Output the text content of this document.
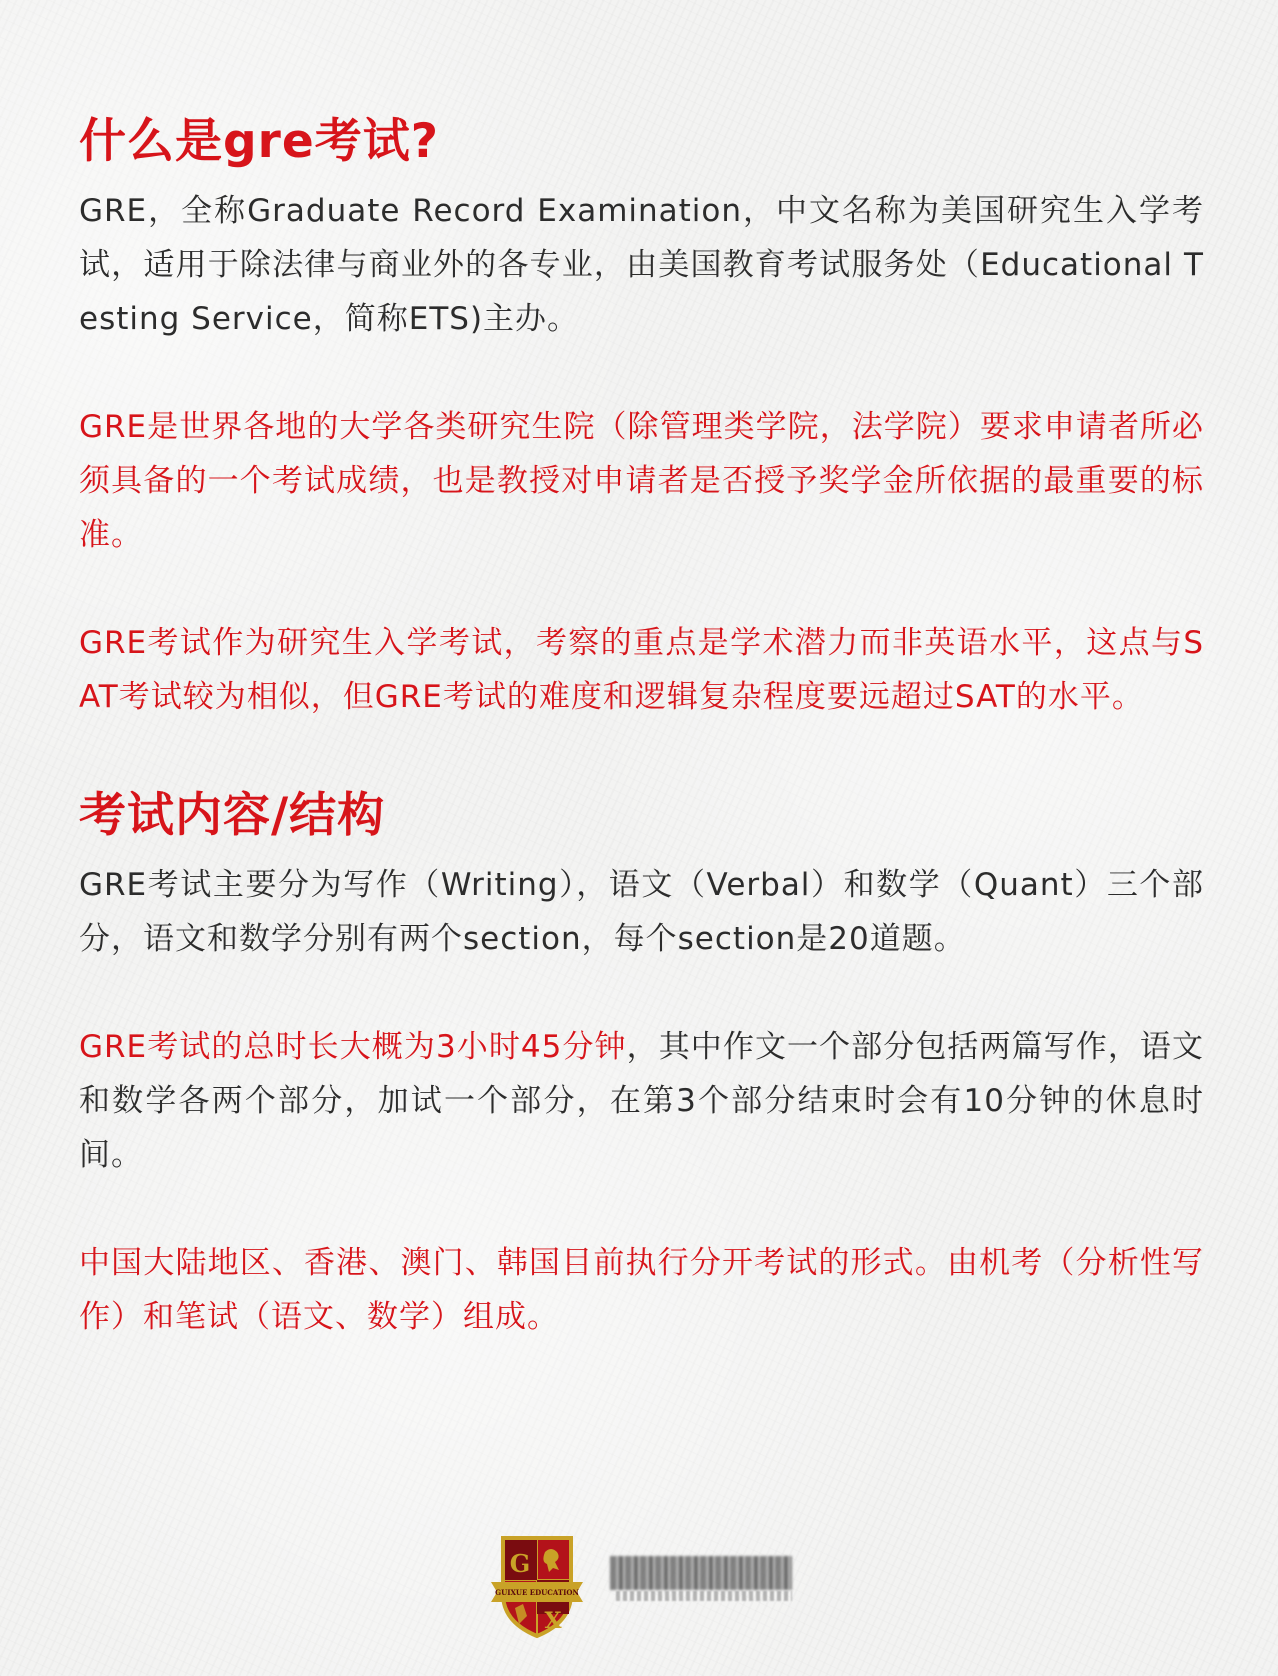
什么是gre考试?

GRE，全称Graduate Record Examination，中文名称为美国研究生入学考试，适用于除法律与商业外的各专业，由美国教育考试服务处（Educational Testing Service，简称ETS)主办。

GRE是世界各地的大学各类研究生院（除管理类学院，法学院）要求申请者所必须具备的一个考试成绩，也是教授对申请者是否授予奖学金所依据的最重要的标准。

GRE考试作为研究生入学考试，考察的重点是学术潜力而非英语水平，这点与SAT考试较为相似，但GRE考试的难度和逻辑复杂程度要远超过SAT的水平。

考试内容/结构

GRE考试主要分为写作（Writing），语文（Verbal）和数学（Quant）三个部分，语文和数学分别有两个section，每个section是20道题。

GRE考试的总时长大概为3小时45分钟，其中作文一个部分包括两篇写作，语文和数学各两个部分，加试一个部分，在第3个部分结束时会有10分钟的休息时间。

中国大陆地区、香港、澳门、韩国目前执行分开考试的形式。由机考（分析性写作）和笔试（语文、数学）组成。

GUIXUE EDUCATION
G
X
